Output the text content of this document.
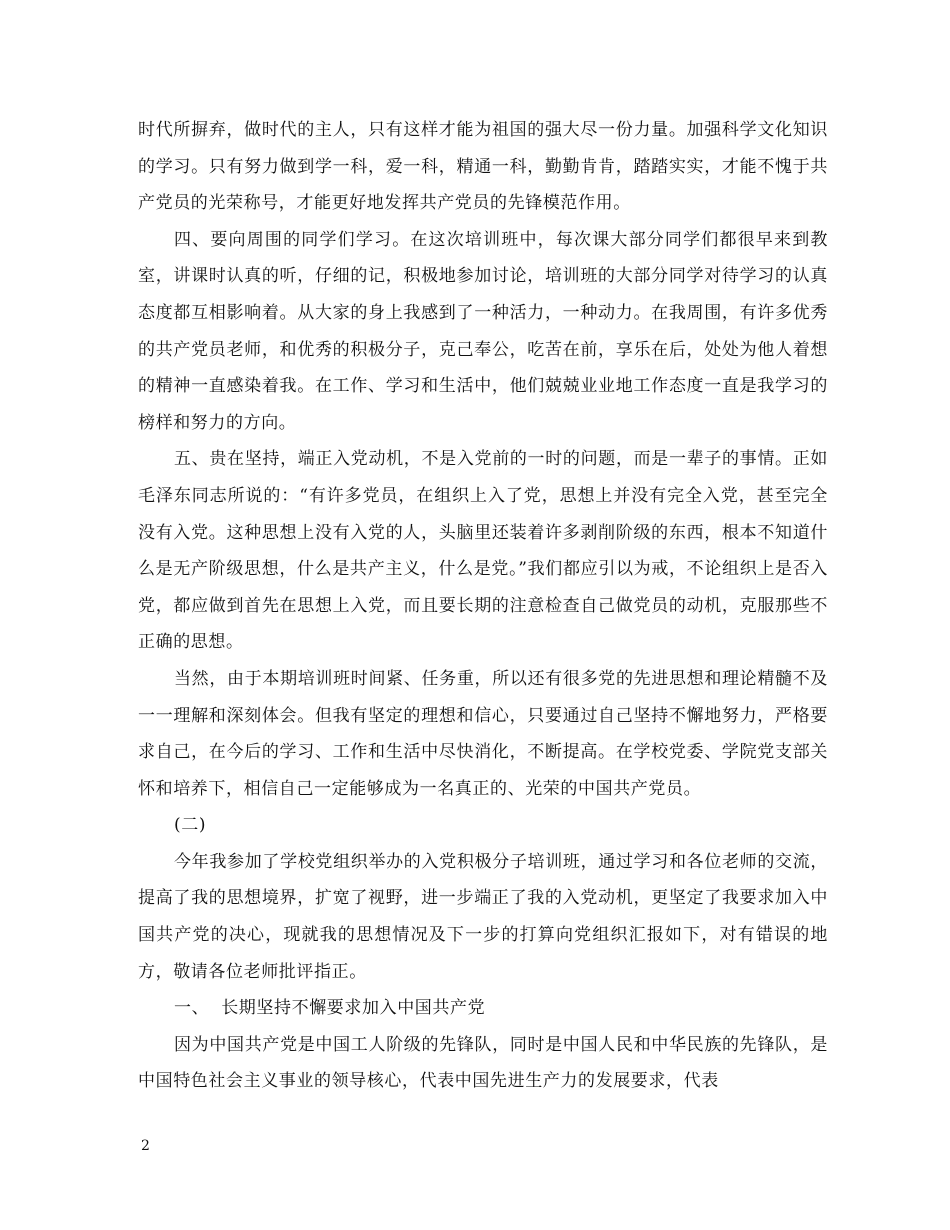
时代所摒弃，做时代的主人，只有这样才能为祖国的强大尽一份力量。加强科学文化知识的学习。只有努力做到学一科，爱一科，精通一科，勤勤肯肯，踏踏实实，才能不愧于共产党员的光荣称号，才能更好地发挥共产党员的先锋模范作用。

四、要向周围的同学们学习。在这次培训班中，每次课大部分同学们都很早来到教室，讲课时认真的听，仔细的记，积极地参加讨论，培训班的大部分同学对待学习的认真态度都互相影响着。从大家的身上我感到了一种活力，一种动力。在我周围，有许多优秀的共产党员老师，和优秀的积极分子，克己奉公，吃苦在前，享乐在后，处处为他人着想的精神一直感染着我。在工作、学习和生活中，他们兢兢业业地工作态度一直是我学习的榜样和努力的方向。

五、贵在坚持，端正入党动机，不是入党前的一时的问题，而是一辈子的事情。正如毛泽东同志所说的：“有许多党员，在组织上入了党，思想上并没有完全入党，甚至完全没有入党。这种思想上没有入党的人，头脑里还装着许多剥削阶级的东西，根本不知道什么是无产阶级思想，什么是共产主义，什么是党。”我们都应引以为戒，不论组织上是否入党，都应做到首先在思想上入党，而且要长期的注意检查自己做党员的动机，克服那些不正确的思想。

当然，由于本期培训班时间紧、任务重，所以还有很多党的先进思想和理论精髓不及一一理解和深刻体会。但我有坚定的理想和信心，只要通过自己坚持不懈地努力，严格要求自己，在今后的学习、工作和生活中尽快消化，不断提高。在学校党委、学院党支部关怀和培养下，相信自己一定能够成为一名真正的、光荣的中国共产党员。

(二)

今年我参加了学校党组织举办的入党积极分子培训班，通过学习和各位老师的交流，提高了我的思想境界，扩宽了视野，进一步端正了我的入党动机，更坚定了我要求加入中国共产党的决心，现就我的思想情况及下一步的打算向党组织汇报如下，对有错误的地方，敬请各位老师批评指正。

一、  长期坚持不懈要求加入中国共产党

因为中国共产党是中国工人阶级的先锋队，同时是中国人民和中华民族的先锋队，是中国特色社会主义事业的领导核心，代表中国先进生产力的发展要求，代表

2
